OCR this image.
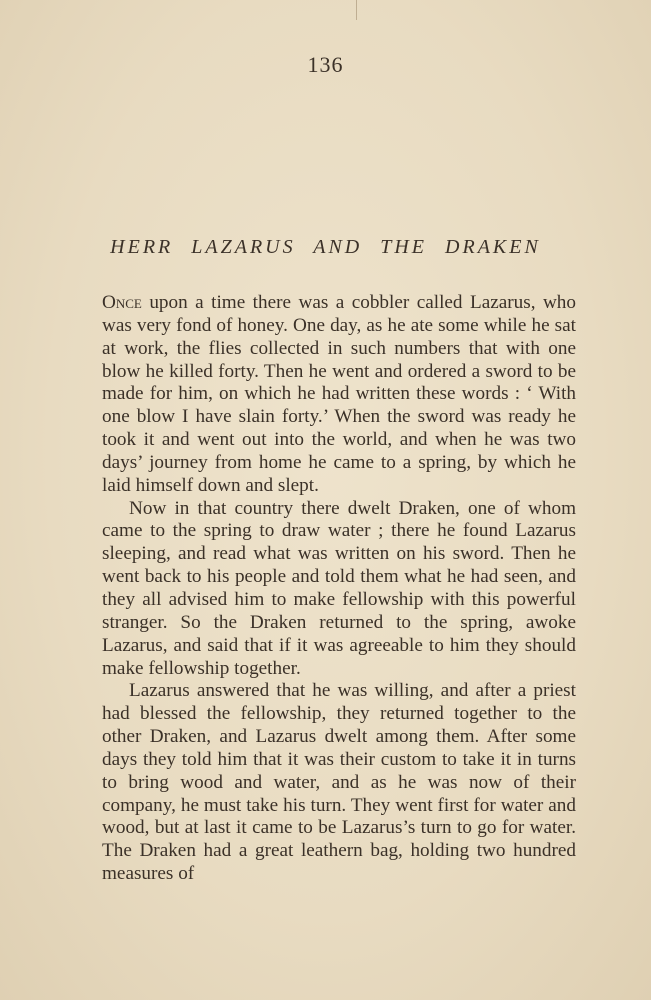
136
HERR LAZARUS AND THE DRAKEN

Once upon a time there was a cobbler called Lazarus, who was very fond of honey. One day, as he ate some while he sat at work, the flies collected in such numbers that with one blow he killed forty. Then he went and ordered a sword to be made for him, on which he had written these words : ‘ With one blow I have slain forty.’ When the sword was ready he took it and went out into the world, and when he was two days’ journey from home he came to a spring, by which he laid himself down and slept.

Now in that country there dwelt Draken, one of whom came to the spring to draw water ; there he found Lazarus sleeping, and read what was written on his sword. Then he went back to his people and told them what he had seen, and they all advised him to make fellowship with this powerful stranger. So the Draken returned to the spring, awoke Lazarus, and said that if it was agreeable to him they should make fellowship together.

Lazarus answered that he was willing, and after a priest had blessed the fellowship, they returned together to the other Draken, and Lazarus dwelt among them. After some days they told him that it was their custom to take it in turns to bring wood and water, and as he was now of their company, he must take his turn. They went first for water and wood, but at last it came to be Lazarus’s turn to go for water. The Draken had a great leathern bag, holding two hundred measures of
